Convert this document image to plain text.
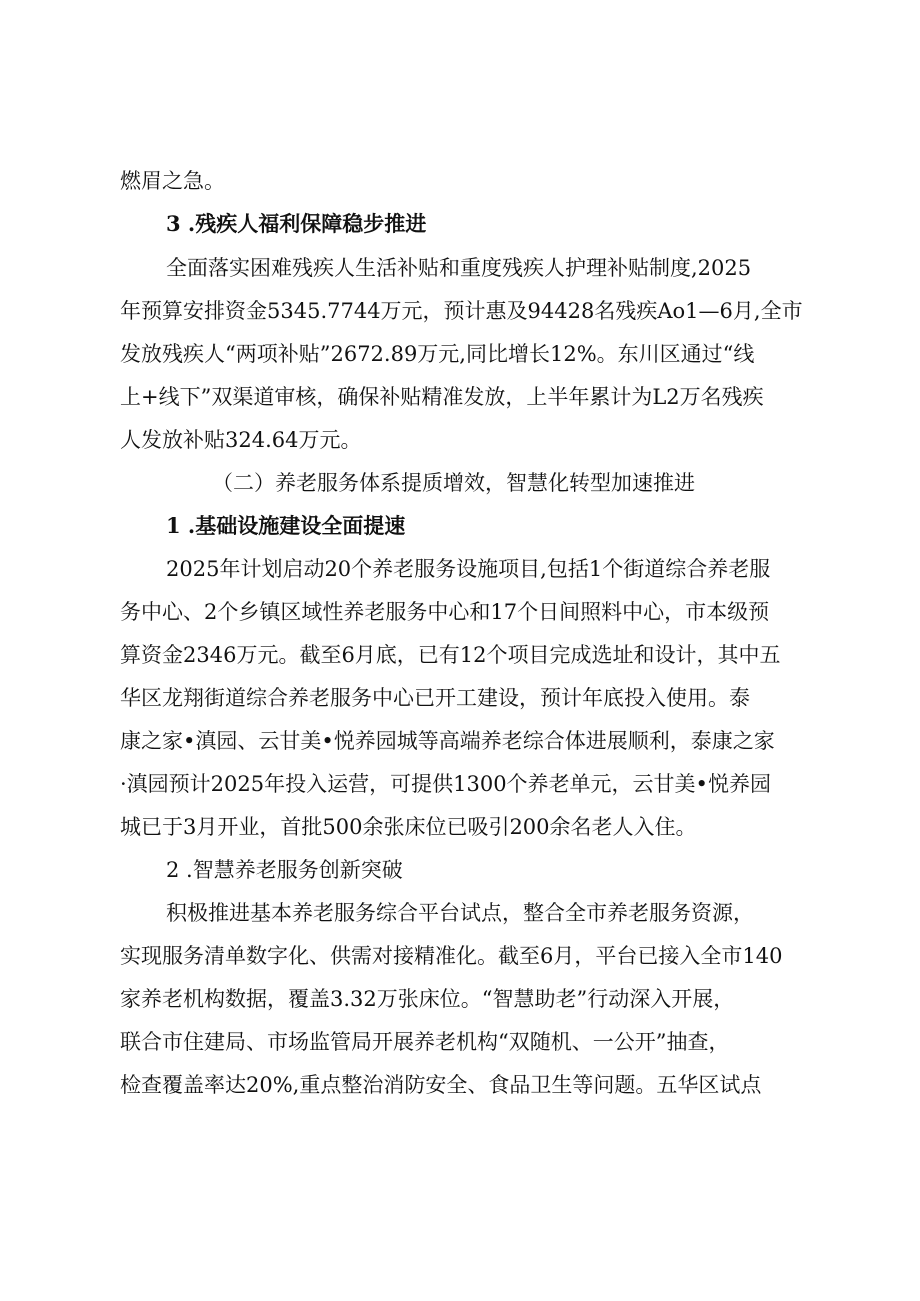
燃眉之急。
3 .残疾人福利保障稳步推进
全面落实困难残疾人生活补贴和重度残疾人护理补贴制度,2025
年预算安排资金5345.7744万元，预计惠及94428名残疾Ao1—6月,全市
发放残疾人“两项补贴”2672.89万元,同比增长12%。东川区通过“线
上+线下”双渠道审核，确保补贴精准发放，上半年累计为L2万名残疾
人发放补贴324.64万元。
（二）养老服务体系提质增效，智慧化转型加速推进
1 .基础设施建设全面提速
2025年计划启动20个养老服务设施项目,包括1个街道综合养老服
务中心、2个乡镇区域性养老服务中心和17个日间照料中心，市本级预
算资金2346万元。截至6月底，已有12个项目完成选址和设计，其中五
华区龙翔街道综合养老服务中心已开工建设，预计年底投入使用。泰
康之家•滇园、云甘美•悦养园城等高端养老综合体进展顺利，泰康之家
·滇园预计2025年投入运营，可提供1300个养老单元，云甘美•悦养园
城已于3月开业，首批500余张床位已吸引200余名老人入住。
2 .智慧养老服务创新突破
积极推进基本养老服务综合平台试点，整合全市养老服务资源，
实现服务清单数字化、供需对接精准化。截至6月，平台已接入全市140
家养老机构数据，覆盖3.32万张床位。“智慧助老”行动深入开展，
联合市住建局、市场监管局开展养老机构“双随机、一公开”抽查，
检查覆盖率达20%,重点整治消防安全、食品卫生等问题。五华区试点
